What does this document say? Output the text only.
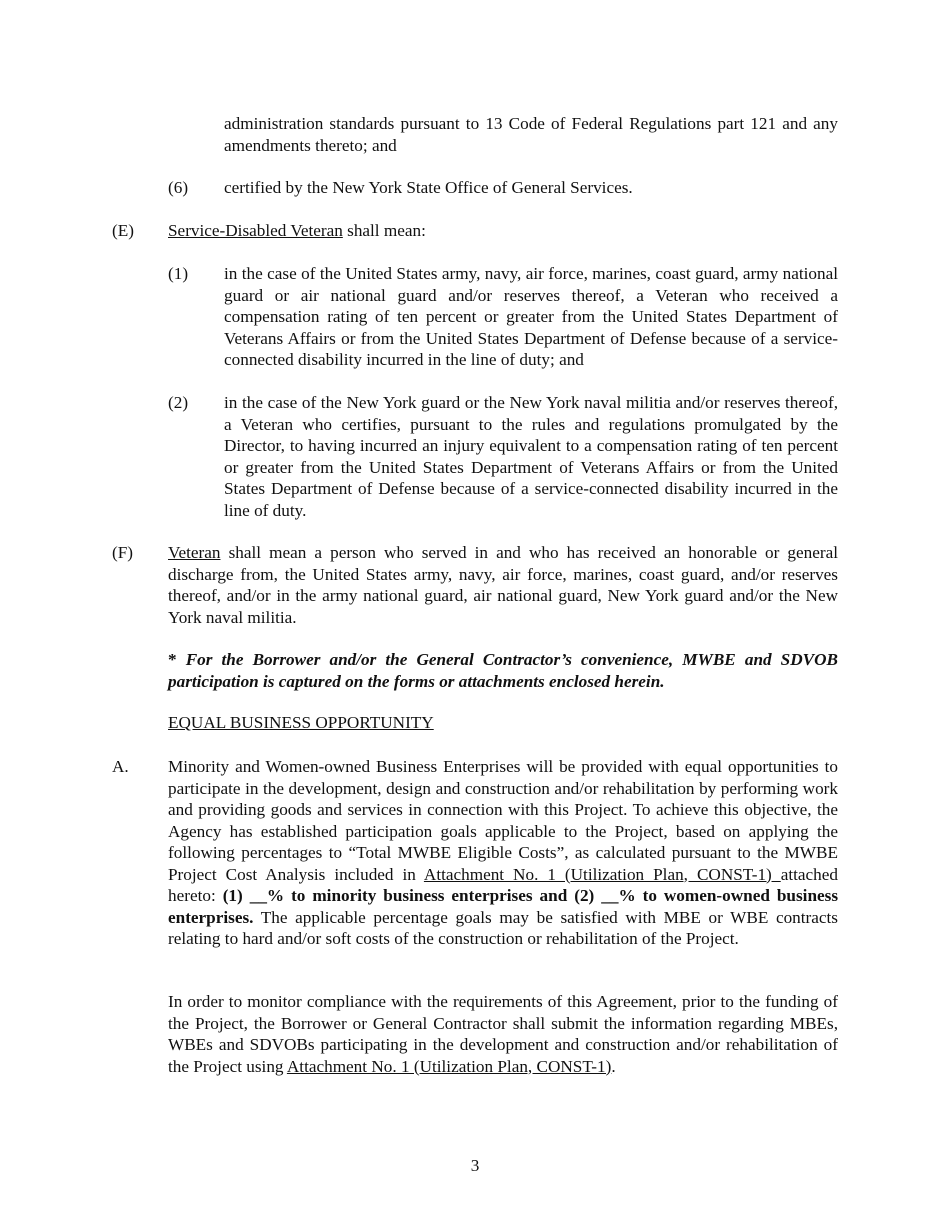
administration standards pursuant to 13 Code of Federal Regulations part 121 and any amendments thereto; and

(6) certified by the New York State Office of General Services.

(E) Service-Disabled Veteran shall mean:

(1) in the case of the United States army, navy, air force, marines, coast guard, army national guard or air national guard and/or reserves thereof, a Veteran who received a compensation rating of ten percent or greater from the United States Department of Veterans Affairs or from the United States Department of Defense because of a service-connected disability incurred in the line of duty; and

(2) in the case of the New York guard or the New York naval militia and/or reserves thereof, a Veteran who certifies, pursuant to the rules and regulations promulgated by the Director, to having incurred an injury equivalent to a compensation rating of ten percent or greater from the United States Department of Veterans Affairs or from the United States Department of Defense because of a service-connected disability incurred in the line of duty.

(F) Veteran shall mean a person who served in and who has received an honorable or general discharge from, the United States army, navy, air force, marines, coast guard, and/or reserves thereof, and/or in the army national guard, air national guard, New York guard and/or the New York naval militia.

* For the Borrower and/or the General Contractor’s convenience, MWBE and SDVOB participation is captured on the forms or attachments enclosed herein.

EQUAL BUSINESS OPPORTUNITY

A. Minority and Women-owned Business Enterprises will be provided with equal opportunities to participate in the development, design and construction and/or rehabilitation by performing work and providing goods and services in connection with this Project. To achieve this objective, the Agency has established participation goals applicable to the Project, based on applying the following percentages to “Total MWBE Eligible Costs”, as calculated pursuant to the MWBE Project Cost Analysis included in Attachment No. 1 (Utilization Plan, CONST-1) attached hereto: (1) __% to minority business enterprises and (2) __% to women-owned business enterprises. The applicable percentage goals may be satisfied with MBE or WBE contracts relating to hard and/or soft costs of the construction or rehabilitation of the Project.

In order to monitor compliance with the requirements of this Agreement, prior to the funding of the Project, the Borrower or General Contractor shall submit the information regarding MBEs, WBEs and SDVOBs participating in the development and construction and/or rehabilitation of the Project using Attachment No. 1 (Utilization Plan, CONST-1).

3
